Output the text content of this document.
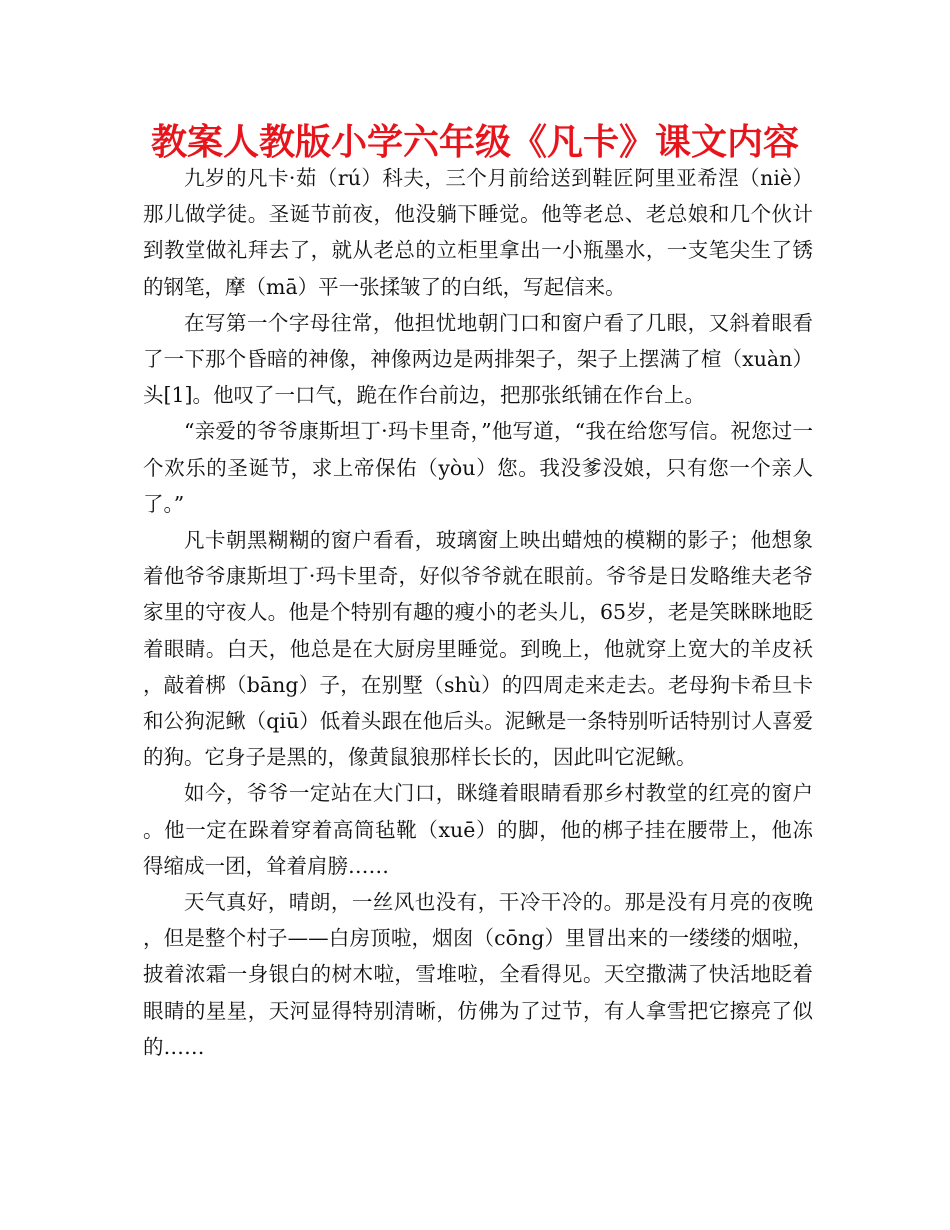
教案人教版小学六年级《凡卡》课文内容

九岁的凡卡·茹（rú）科夫，三个月前给送到鞋匠阿里亚希涅（niè）那儿做学徒。圣诞节前夜，他没躺下睡觉。他等老总、老总娘和几个伙计到教堂做礼拜去了，就从老总的立柜里拿出一小瓶墨水，一支笔尖生了锈的钢笔，摩（mā）平一张揉皱了的白纸，写起信来。

在写第一个字母往常，他担忧地朝门口和窗户看了几眼，又斜着眼看了一下那个昏暗的神像，神像两边是两排架子，架子上摆满了楦（xuàn）头[1]。他叹了一口气，跪在作台前边，把那张纸铺在作台上。

“亲爱的爷爷康斯坦丁·玛卡里奇，”他写道，“我在给您写信。祝您过一个欢乐的圣诞节，求上帝保佑（yòu）您。我没爹没娘，只有您一个亲人了。”

凡卡朝黑糊糊的窗户看看，玻璃窗上映出蜡烛的模糊的影子；他想象着他爷爷康斯坦丁·玛卡里奇，好似爷爷就在眼前。爷爷是日发略维夫老爷家里的守夜人。他是个特别有趣的瘦小的老头儿，65岁，老是笑眯眯地眨着眼睛。白天，他总是在大厨房里睡觉。到晚上，他就穿上宽大的羊皮袄，敲着梆（bāng）子，在别墅（shù）的四周走来走去。老母狗卡希旦卡和公狗泥鳅（qiū）低着头跟在他后头。泥鳅是一条特别听话特别讨人喜爱的狗。它身子是黑的，像黄鼠狼那样长长的，因此叫它泥鳅。

如今，爷爷一定站在大门口，眯缝着眼睛看那乡村教堂的红亮的窗户。他一定在跺着穿着高筒毡靴（xuē）的脚，他的梆子挂在腰带上，他冻得缩成一团，耸着肩膀……

天气真好，晴朗，一丝风也没有，干冷干冷的。那是没有月亮的夜晚，但是整个村子——白房顶啦，烟囱（cōng）里冒出来的一缕缕的烟啦，披着浓霜一身银白的树木啦，雪堆啦，全看得见。天空撒满了快活地眨着眼睛的星星，天河显得特别清晰，仿佛为了过节，有人拿雪把它擦亮了似的……
